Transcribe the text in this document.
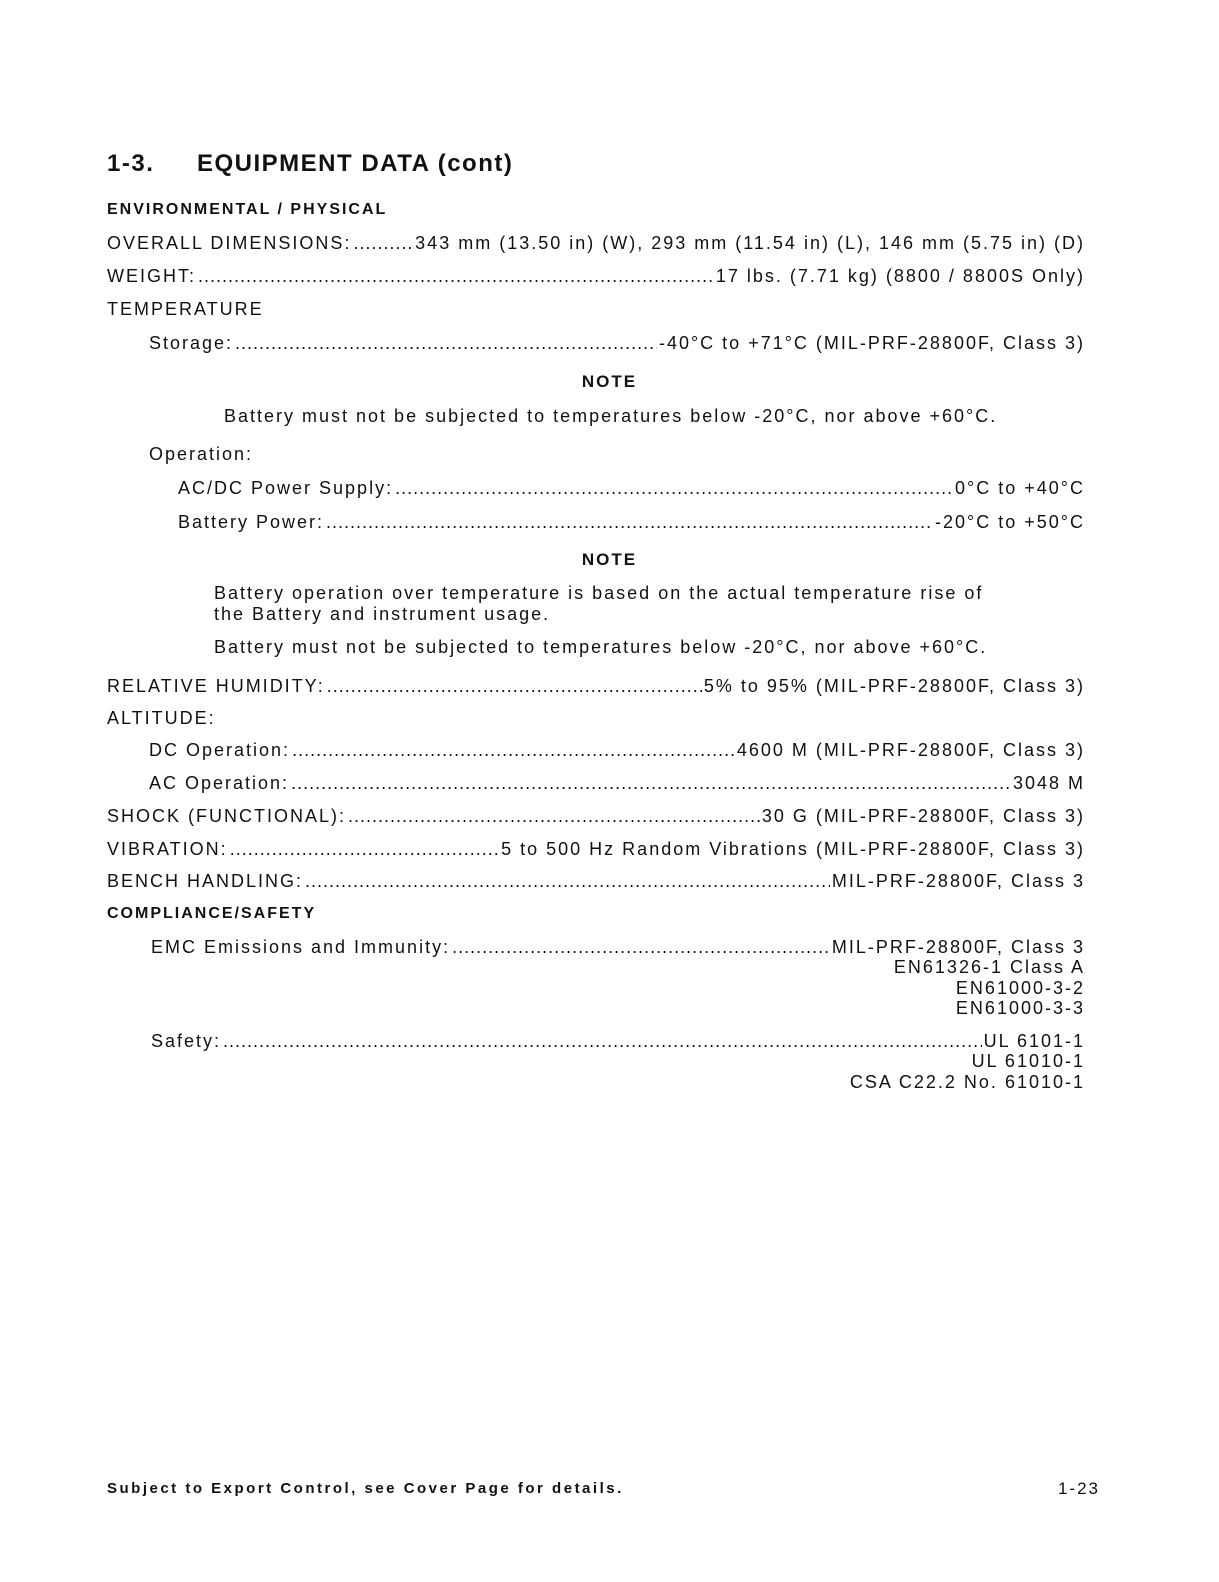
1-3. EQUIPMENT DATA (cont)
ENVIRONMENTAL / PHYSICAL
OVERALL DIMENSIONS: .....	343 mm (13.50 in) (W), 293 mm (11.54 in) (L), 146 mm (5.75 in) (D)
WEIGHT: .....	17 lbs. (7.71 kg) (8800 / 8800S Only)
TEMPERATURE
Storage: .....	-40°C to +71°C (MIL-PRF-28800F, Class 3)
NOTE
Battery must not be subjected to temperatures below -20°C, nor above +60°C.
Operation:
AC/DC Power Supply: .....	0°C to +40°C
Battery Power: .....	-20°C to +50°C
NOTE
Battery operation over temperature is based on the actual temperature rise of
the Battery and instrument usage.
Battery must not be subjected to temperatures below -20°C, nor above +60°C.
RELATIVE HUMIDITY: .....	5% to 95% (MIL-PRF-28800F, Class 3)
ALTITUDE:
DC Operation: .....	4600 M (MIL-PRF-28800F, Class 3)
AC Operation: .....	3048 M
SHOCK (FUNCTIONAL): .....	30 G (MIL-PRF-28800F, Class 3)
VIBRATION: .....	5 to 500 Hz Random Vibrations (MIL-PRF-28800F, Class 3)
BENCH HANDLING: .....	MIL-PRF-28800F, Class 3
COMPLIANCE/SAFETY
EMC Emissions and Immunity: .....	MIL-PRF-28800F, Class 3
EN61326-1 Class A
EN61000-3-2
EN61000-3-3
Safety: .....	UL 6101-1
UL 61010-1
CSA C22.2 No. 61010-1
Subject to Export Control, see Cover Page for details.	1-23
